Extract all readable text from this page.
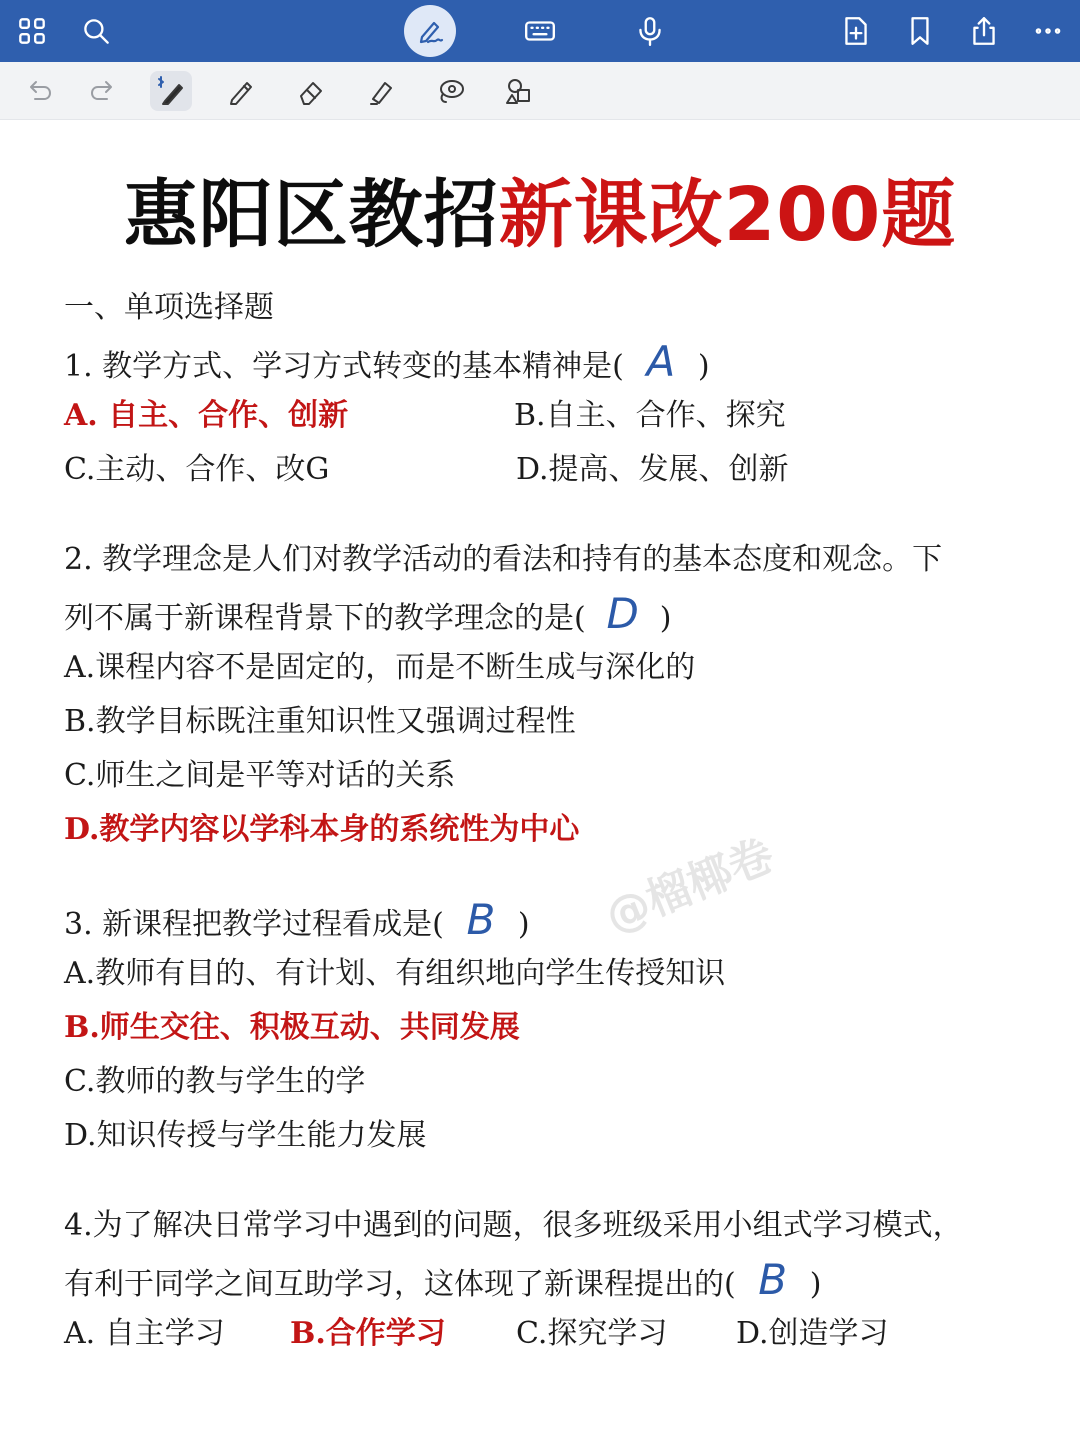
惠阳区教招新课改200题
一、单项选择题
1. 教学方式、学习方式转变的基本精神是( A )
A. 自主、合作、创新	B.自主、合作、探究
C.主动、合作、改G	D.提高、发展、创新
2. 教学理念是人们对教学活动的看法和持有的基本态度和观念。下
列不属于新课程背景下的教学理念的是( D )
A.课程内容不是固定的，而是不断生成与深化的
B.教学目标既注重知识性又强调过程性
C.师生之间是平等对话的关系
D.教学内容以学科本身的系统性为中心
3. 新课程把教学过程看成是( B )
A.教师有目的、有计划、有组织地向学生传授知识
B.师生交往、积极互动、共同发展
C.教师的教与学生的学
D.知识传授与学生能力发展
4.为了解决日常学习中遇到的问题，很多班级采用小组式学习模式，
有利于同学之间互助学习，这体现了新课程提出的( B )
A. 自主学习 B.合作学习 C.探究学习 D.创造学习
@榴椰卷
